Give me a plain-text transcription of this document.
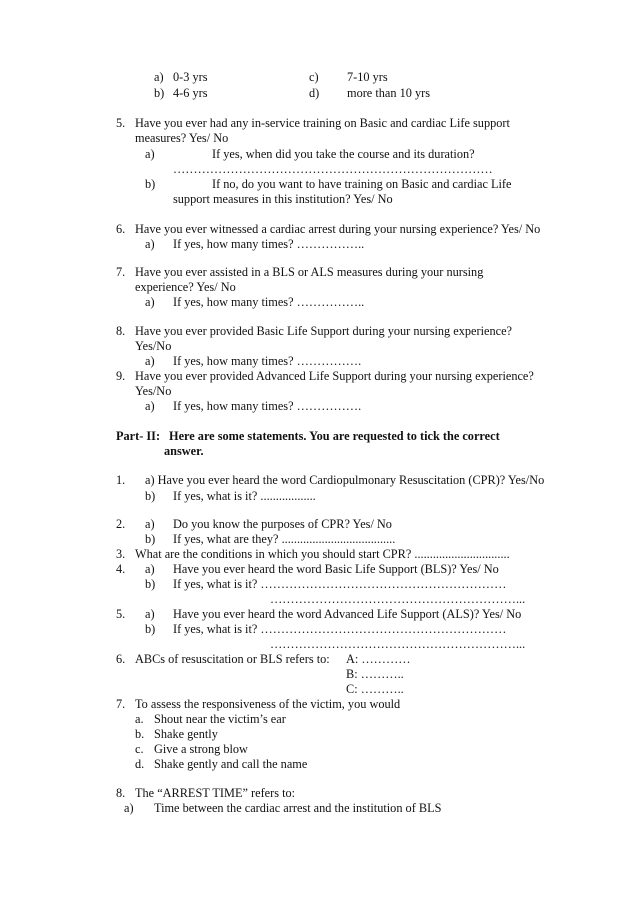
a) 0-3 yrs	c) 7-10 yrs
b) 4-6 yrs	d) more than 10 yrs
5. Have you ever had any in-service training on Basic and cardiac Life support
measures? Yes/ No
a)	If yes, when did you take the course and its duration?
……………………………………………………………………
b)	If no, do you want to have training on Basic and cardiac Life
support measures in this institution? Yes/ No
6. Have you ever witnessed a cardiac arrest during your nursing experience? Yes/ No
a) If yes, how many times? ……………..
7. Have you ever assisted in a BLS or ALS measures during your nursing
experience? Yes/ No
a) If yes, how many times? ……………..
8. Have you ever provided Basic Life Support during your nursing experience?
Yes/No
a) If yes, how many times? …………….
9. Have you ever provided Advanced Life Support during your nursing experience?
Yes/No
a) If yes, how many times? …………….
Part- II: Here are some statements. You are requested to tick the correct
answer.
1. a) Have you ever heard the word Cardiopulmonary Resuscitation (CPR)? Yes/No
b) If yes, what is it? ..................
2. a) Do you know the purposes of CPR? Yes/ No
b) If yes, what are they? .....................................
3. What are the conditions in which you should start CPR? ...............................
4. a) Have you ever heard the word Basic Life Support (BLS)? Yes/ No
b) If yes, what is it? ……………………………………………………
……………………………………………………...
5. a) Have you ever heard the word Advanced Life Support (ALS)? Yes/ No
b) If yes, what is it? ……………………………………………………
……………………………………………………...
6. ABCs of resuscitation or BLS refers to: A: …………
B: ………..
C: ………..
7. To assess the responsiveness of the victim, you would
a. Shout near the victim’s ear
b. Shake gently
c. Give a strong blow
d. Shake gently and call the name
8. The “ARREST TIME” refers to:
a) Time between the cardiac arrest and the institution of BLS
